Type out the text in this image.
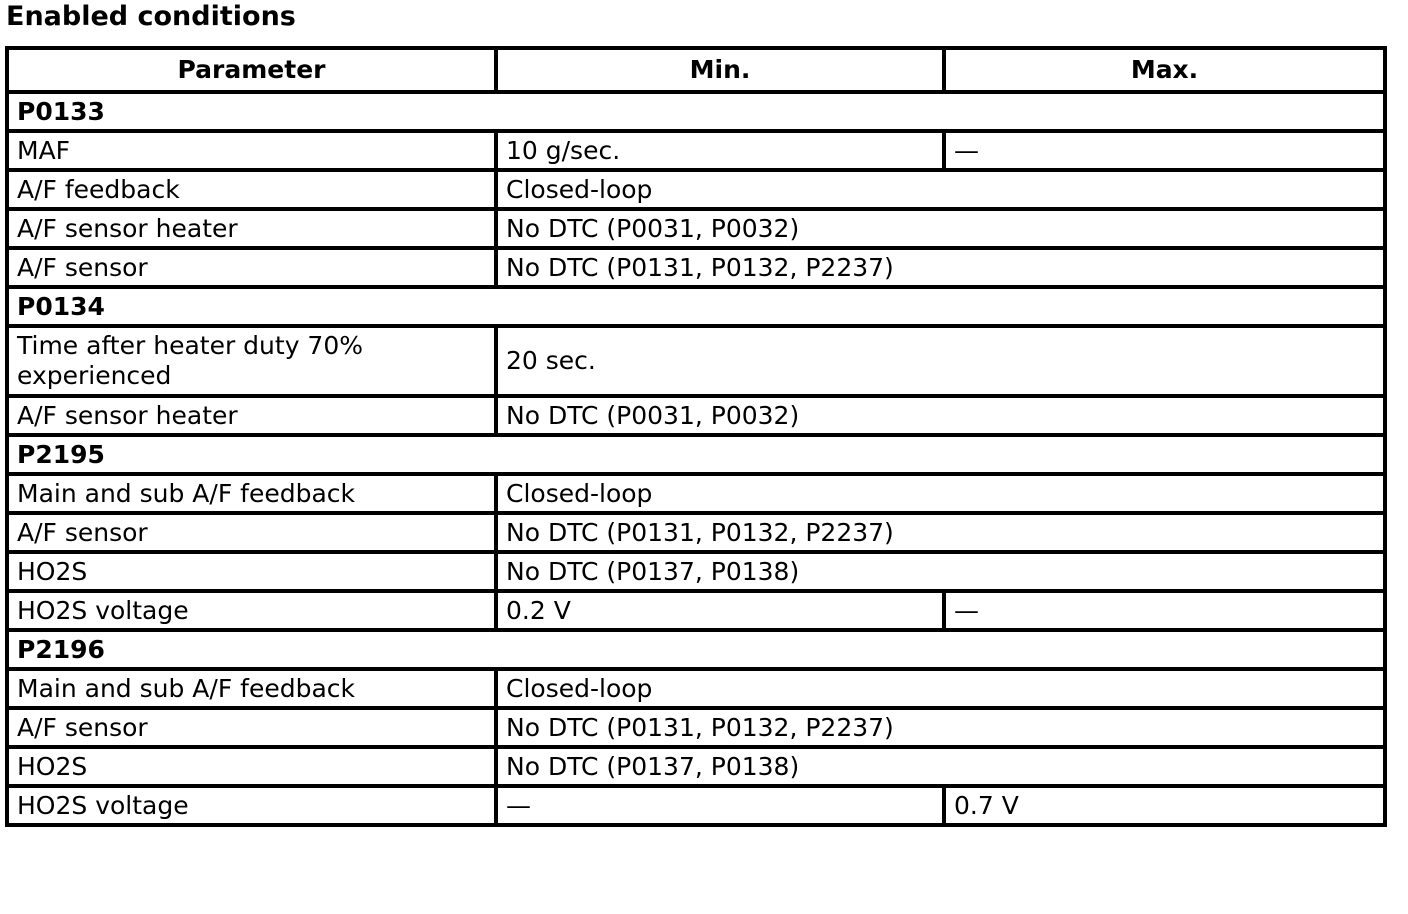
Enabled conditions
Parameter	Min.	Max.
P0133		
MAF	10 g/sec.	—
A/F feedback	Closed-loop	
A/F sensor heater	No DTC (P0031, P0032)	
A/F sensor	No DTC (P0131, P0132, P2237)	
P0134		
Time after heater duty 70% experienced	20 sec.	
A/F sensor heater	No DTC (P0031, P0032)	
P2195		
Main and sub A/F feedback	Closed-loop	
A/F sensor	No DTC (P0131, P0132, P2237)	
HO2S	No DTC (P0137, P0138)	
HO2S voltage	0.2 V	—
P2196		
Main and sub A/F feedback	Closed-loop	
A/F sensor	No DTC (P0131, P0132, P2237)	
HO2S	No DTC (P0137, P0138)	
HO2S voltage	—	0.7 V
